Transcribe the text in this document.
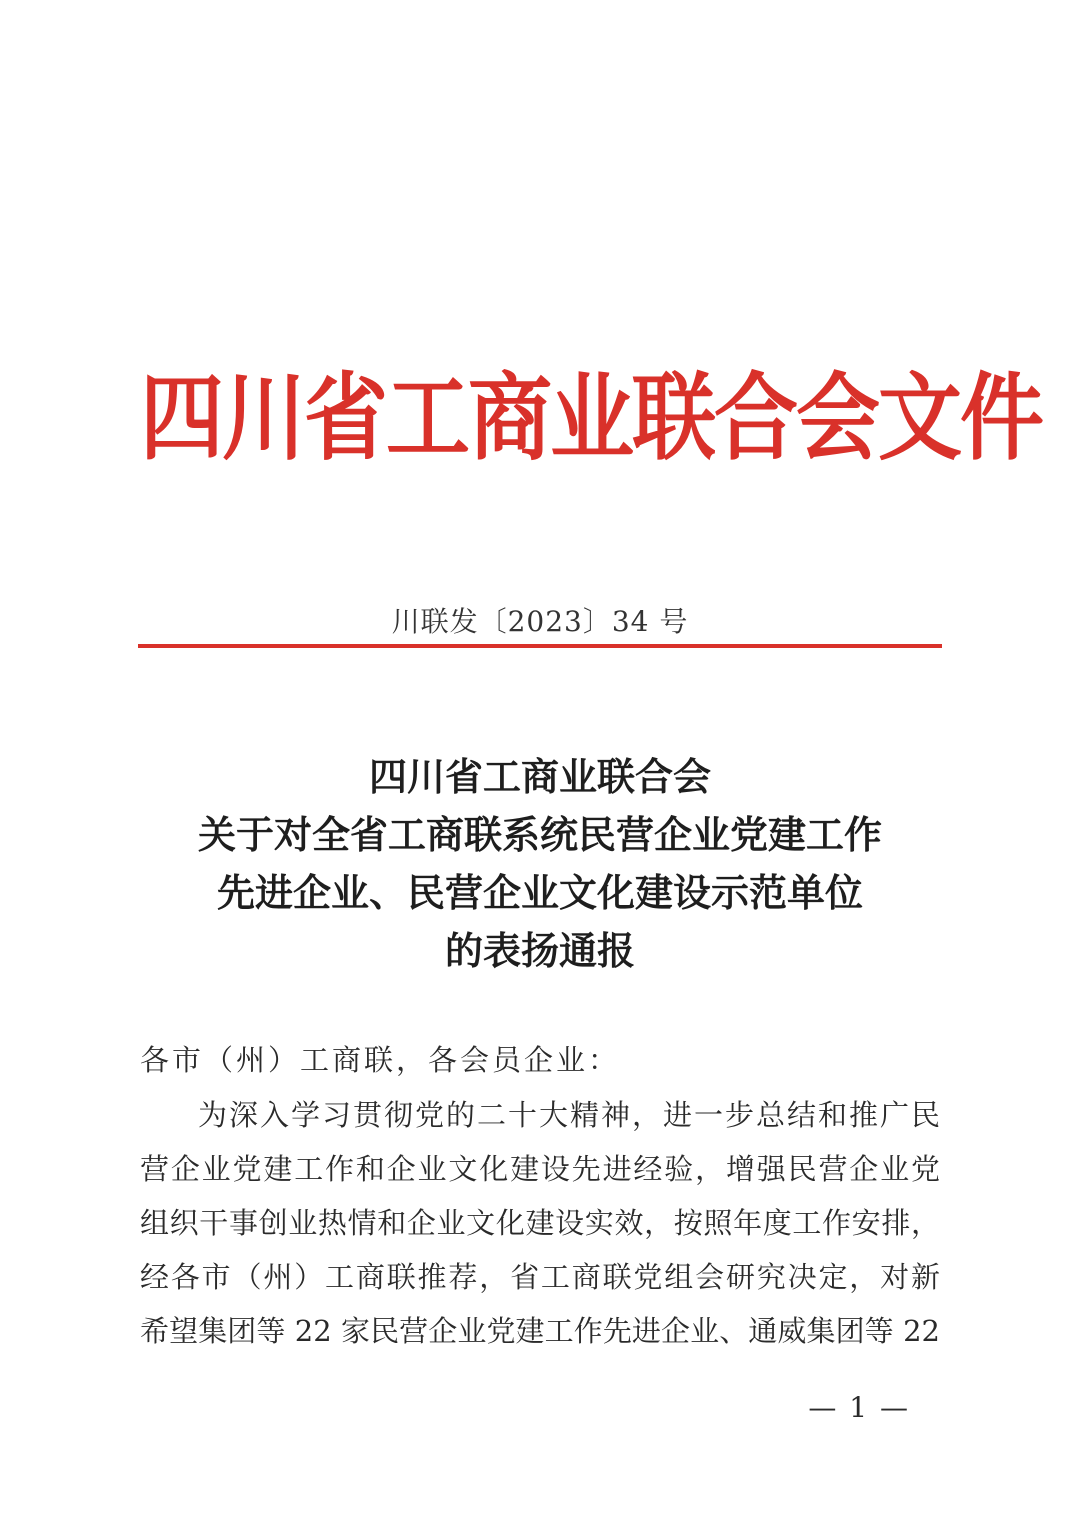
四川省工商业联合会文件
川联发〔2023〕34 号
四川省工商业联合会
关于对全省工商联系统民营企业党建工作
先进企业、民营企业文化建设示范单位
的表扬通报
各市（州）工商联，各会员企业：
为深入学习贯彻党的二十大精神，进一步总结和推广民
营企业党建工作和企业文化建设先进经验，增强民营企业党
组织干事创业热情和企业文化建设实效，按照年度工作安排，
经各市（州）工商联推荐，省工商联党组会研究决定，对新
希望集团等 22 家民营企业党建工作先进企业、通威集团等 22
— 1 —
